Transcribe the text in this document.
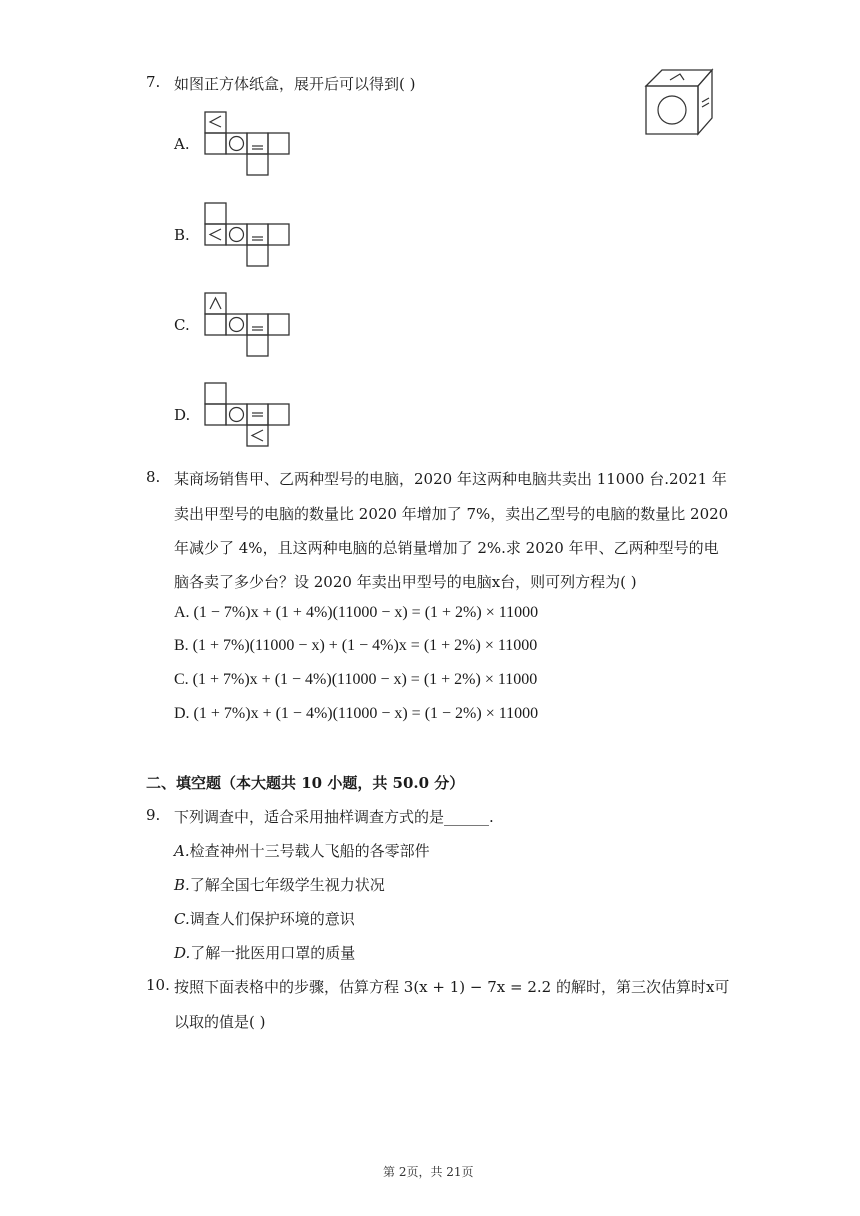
7. 如图正方体纸盒，展开后可以得到( )
A.
B.
C.
D.
8. 某商场销售甲、乙两种型号的电脑，2020 年这两种电脑共卖出 11000 台.2021 年
卖出甲型号的电脑的数量比 2020 年增加了 7%，卖出乙型号的电脑的数量比 2020
年减少了 4%，且这两种电脑的总销量增加了 2%.求 2020 年甲、乙两种型号的电
脑各卖了多少台？设 2020 年卖出甲型号的电脑x台，则可列方程为( )
A. (1 − 7%)x + (1 + 4%)(11000 − x) = (1 + 2%) × 11000
B. (1 + 7%)(11000 − x) + (1 − 4%)x = (1 + 2%) × 11000
C. (1 + 7%)x + (1 − 4%)(11000 − x) = (1 + 2%) × 11000
D. (1 + 7%)x + (1 − 4%)(11000 − x) = (1 − 2%) × 11000
二、填空题（本大题共 10 小题，共 50.0 分）
9. 下列调查中，适合采用抽样调查方式的是______.
A.检查神州十三号载人飞船的各零部件
B.了解全国七年级学生视力状况
C.调查人们保护环境的意识
D.了解一批医用口罩的质量
10. 按照下面表格中的步骤，估算方程 3(x + 1) − 7x = 2.2 的解时，第三次估算时x可
以取的值是( )
第 2页，共 21页
